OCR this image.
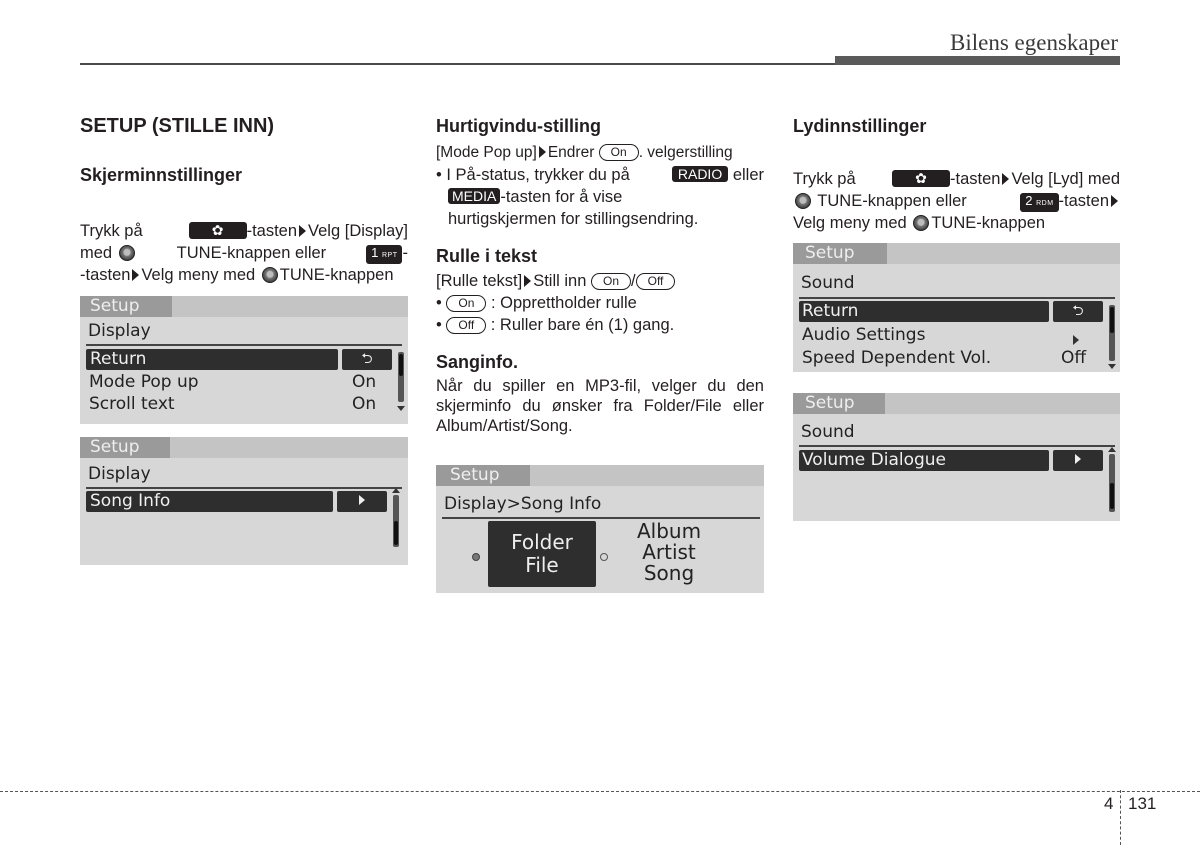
Bilens egenskaper
SETUP (STILLE INN)
Skjerminnstillinger

Trykk på	✿ -tasten Velg [Display]

med	TUNE-knappen eller	1 RPT -

-tasten Velg meny med TUNE-knappen

Setup
Display
Return	⮌
Mode Pop up	On
Scroll text	On
Setup
Display
Song Info
Hurtigvindu-stilling

[Mode Pop up] Endrer On . velgerstilling

• I På-status, trykker du på	RADIO eller

MEDIA -tasten for å vise

hurtigskjermen for stillingsendring.

Rulle i tekst

[Rulle tekst] Still inn On / Off

• On : Opprettholder rulle

• Off : Ruller bare én (1) gang.

Sanginfo.

Når du spiller en MP3-fil, velger du den skjerminfo du ønsker fra Folder/File eller Album/Artist/Song.

Setup
Display>Song Info
Folder
File
Album
Artist
Song
Lydinnstillinger

Trykk på	✿ -tasten Velg [Lyd] med

TUNE-knappen eller	2 RDM -tasten

Velg meny med TUNE-knappen

Setup
Sound
Return	⮌
Audio Settings
Speed Dependent Vol.	Off
Setup
Sound
Volume Dialogue
4 131
